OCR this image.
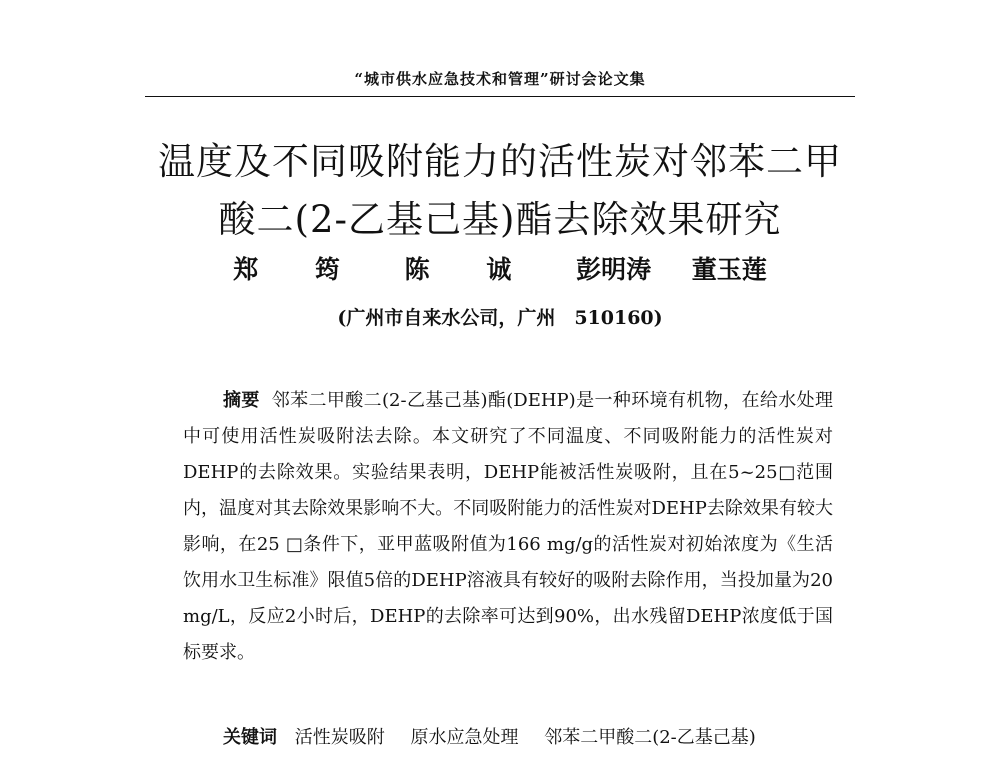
“城市供水应急技术和管理”研讨会论文集
温度及不同吸附能力的活性炭对邻苯二甲
酸二(2-乙基己基)酯去除效果研究
郑 筠 陈 诚 彭明涛 董玉莲
(广州市自来水公司，广州　510160)
摘要 邻苯二甲酸二(2-乙基己基)酯(DEHP)是一种环境有机物，在给水处理中可使用活性炭吸附法去除。本文研究了不同温度、不同吸附能力的活性炭对DEHP的去除效果。实验结果表明，DEHP能被活性炭吸附，且在5~25□范围内，温度对其去除效果影响不大。不同吸附能力的活性炭对DEHP去除效果有较大影响，在25 □条件下，亚甲蓝吸附值为166 mg/g的活性炭对初始浓度为《生活饮用水卫生标准》限值5倍的DEHP溶液具有较好的吸附去除作用，当投加量为20 mg/L，反应2小时后，DEHP的去除率可达到90%，出水残留DEHP浓度低于国标要求。
关键词 活性炭吸附 原水应急处理 邻苯二甲酸二(2-乙基己基)
